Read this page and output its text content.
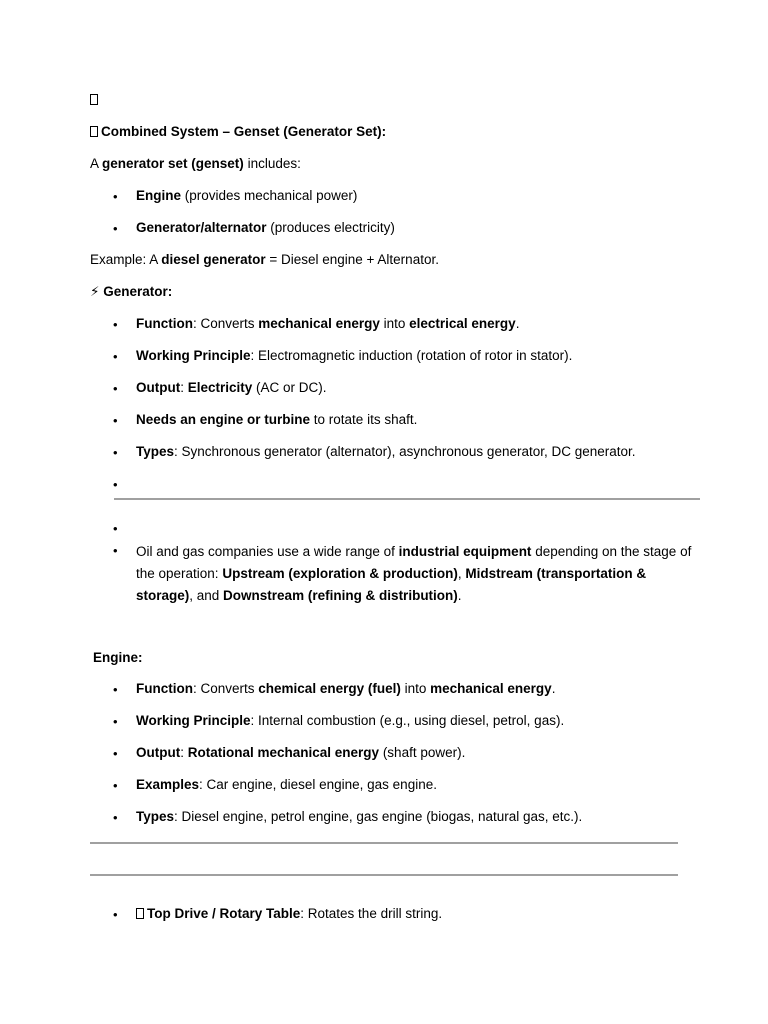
Combined System – Genset (Generator Set):
A generator set (genset) includes:
• Engine (provides mechanical power)
• Generator/alternator (produces electricity)
Example: A diesel generator = Diesel engine + Alternator.
⚡ Generator:
• Function: Converts mechanical energy into electrical energy.
• Working Principle: Electromagnetic induction (rotation of rotor in stator).
• Output: Electricity (AC or DC).
• Needs an engine or turbine to rotate its shaft.
• Types: Synchronous generator (alternator), asynchronous generator, DC generator.
•
•
• Oil and gas companies use a wide range of industrial equipment depending on the stage of the operation: Upstream (exploration & production), Midstream (transportation & storage), and Downstream (refining & distribution).
Engine:
• Function: Converts chemical energy (fuel) into mechanical energy.
• Working Principle: Internal combustion (e.g., using diesel, petrol, gas).
• Output: Rotational mechanical energy (shaft power).
• Examples: Car engine, diesel engine, gas engine.
• Types: Diesel engine, petrol engine, gas engine (biogas, natural gas, etc.).
•	Top Drive / Rotary Table: Rotates the drill string.
